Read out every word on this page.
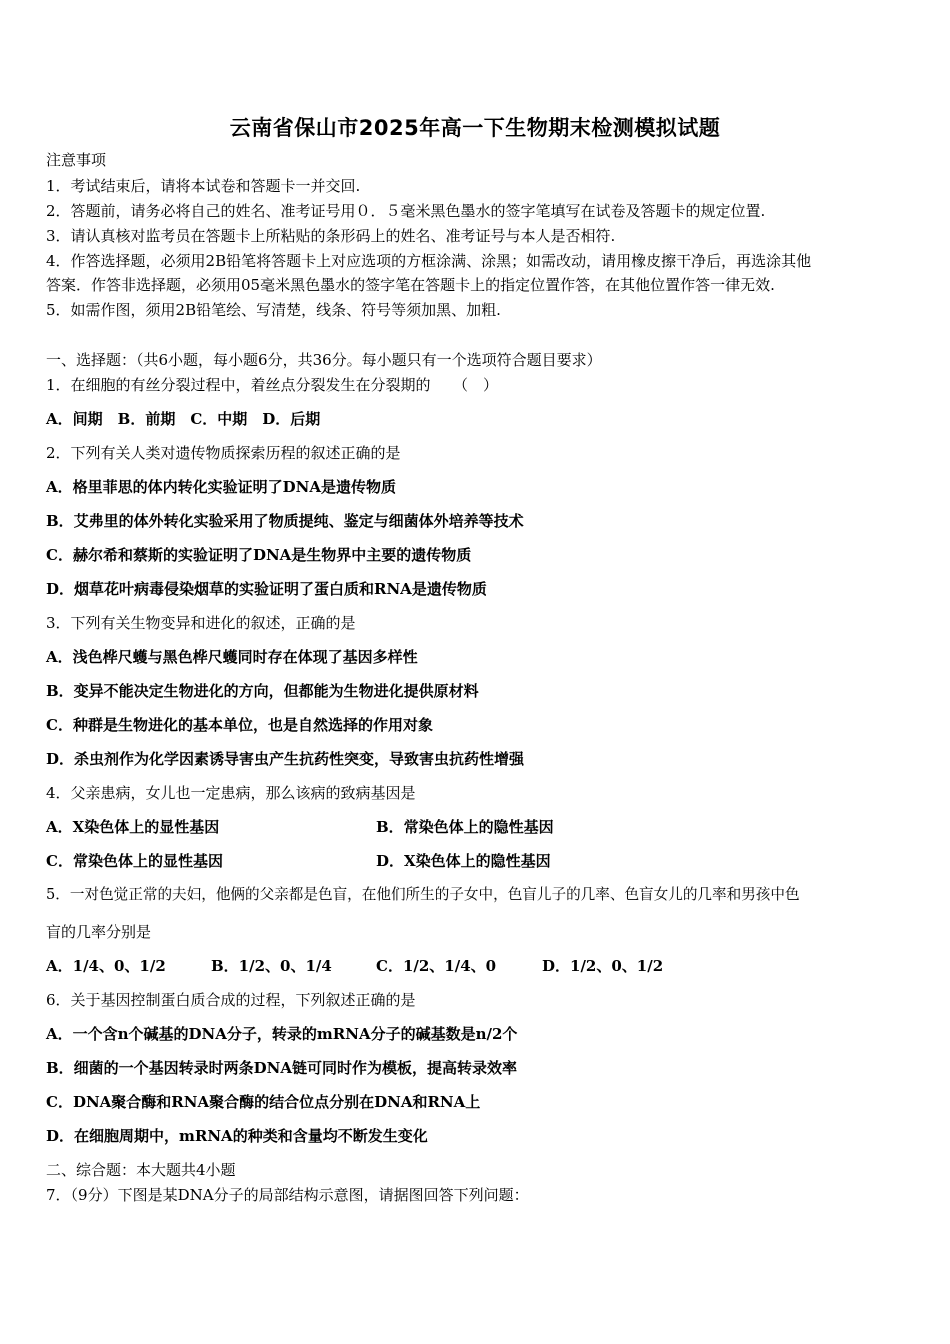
云南省保山市2025年高一下生物期末检测模拟试题
注意事项
1．考试结束后，请将本试卷和答题卡一并交回.
2．答题前，请务必将自己的姓名、准考证号用０．５毫米黑色墨水的签字笔填写在试卷及答题卡的规定位置.
3．请认真核对监考员在答题卡上所粘贴的条形码上的姓名、准考证号与本人是否相符.
4．作答选择题，必须用2B铅笔将答题卡上对应选项的方框涂满、涂黑；如需改动，请用橡皮擦干净后，再选涂其他
答案．作答非选择题，必须用05毫米黑色墨水的签字笔在答题卡上的指定位置作答，在其他位置作答一律无效.
5．如需作图，须用2B铅笔绘、写清楚，线条、符号等须加黑、加粗.
一、选择题：（共6小题，每小题6分，共36分。每小题只有一个选项符合题目要求）
1．在细胞的有丝分裂过程中，着丝点分裂发生在分裂期的　　（　）
A．间期　B．前期　C．中期　D．后期
2．下列有关人类对遗传物质探索历程的叙述正确的是
A．格里菲思的体内转化实验证明了DNA是遗传物质
B．艾弗里的体外转化实验采用了物质提纯、鉴定与细菌体外培养等技术
C．赫尔希和蔡斯的实验证明了DNA是生物界中主要的遗传物质
D．烟草花叶病毒侵染烟草的实验证明了蛋白质和RNA是遗传物质
3．下列有关生物变异和进化的叙述，正确的是
A．浅色桦尺蠖与黑色桦尺蠖同时存在体现了基因多样性
B．变异不能决定生物进化的方向，但都能为生物进化提供原材料
C．种群是生物进化的基本单位，也是自然选择的作用对象
D．杀虫剂作为化学因素诱导害虫产生抗药性突变，导致害虫抗药性增强
4．父亲患病，女儿也一定患病，那么该病的致病基因是
A．X染色体上的显性基因	B．常染色体上的隐性基因
C．常染色体上的显性基因	D．X染色体上的隐性基因
5．一对色觉正常的夫妇，他俩的父亲都是色盲，在他们所生的子女中，色盲儿子的几率、色盲女儿的几率和男孩中色
盲的几率分别是
A．1/4、0、1/2	B．1/2、0、1/4	C．1/2、1/4、0	D．1/2、0、1/2
6．关于基因控制蛋白质合成的过程，下列叙述正确的是
A．一个含n个碱基的DNA分子，转录的mRNA分子的碱基数是n/2个
B．细菌的一个基因转录时两条DNA链可同时作为模板，提高转录效率
C．DNA聚合酶和RNA聚合酶的结合位点分别在DNA和RNA上
D．在细胞周期中，mRNA的种类和含量均不断发生变化
二、综合题：本大题共4小题
7．（9分）下图是某DNA分子的局部结构示意图，请据图回答下列问题：
